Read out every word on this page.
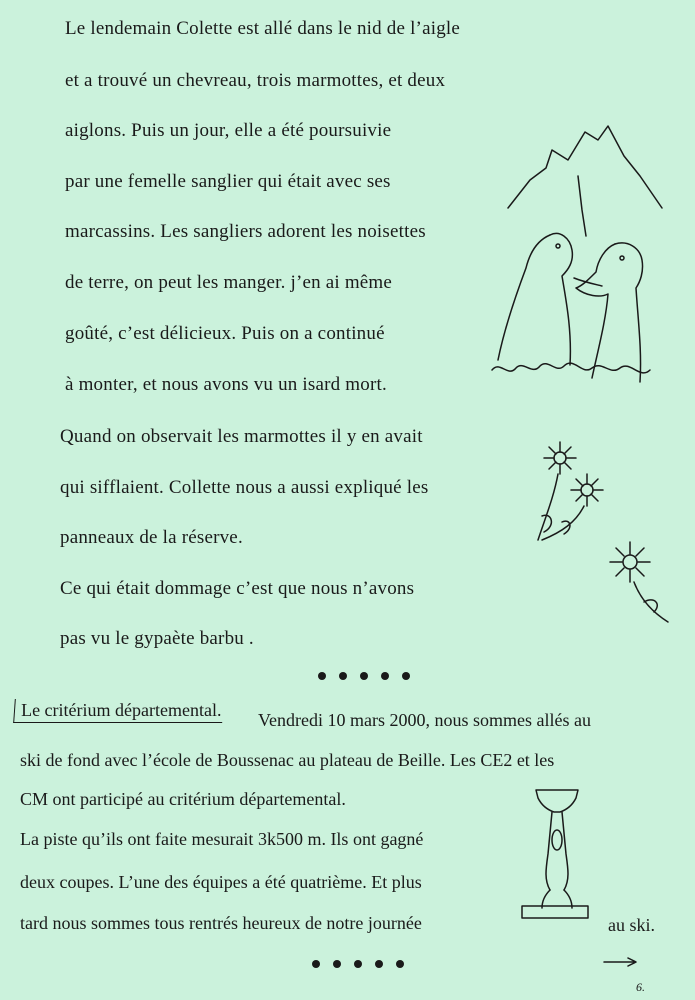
Le lendemain Colette est allé dans le nid de l’aigle
et a trouvé un chevreau, trois marmottes, et deux
aiglons. Puis un jour, elle a été poursuivie
par une femelle sanglier qui était avec ses
marcassins. Les sangliers adorent les noisettes
de terre, on peut les manger. j’en ai même
goûté, c’est délicieux. Puis on a continué
à monter, et nous avons vu un isard mort.
Quand on observait les marmottes il y en avait
qui sifflaient. Collette nous a aussi expliqué les
panneaux de la réserve.
Ce qui était dommage c’est que nous n’avons
pas vu le gypaète barbu .
Le critérium départemental. Vendredi 10 mars 2000, nous sommes allés au
ski de fond avec l’école de Boussenac au plateau de Beille. Les CE2 et les
CM ont participé au critérium départemental.
La piste qu’ils ont faite mesurait 3k500 m. Ils ont gagné
deux coupes. L’une des équipes a été quatrième. Et plus
tard nous sommes tous rentrés heureux de notre journée	au ski.
6.
